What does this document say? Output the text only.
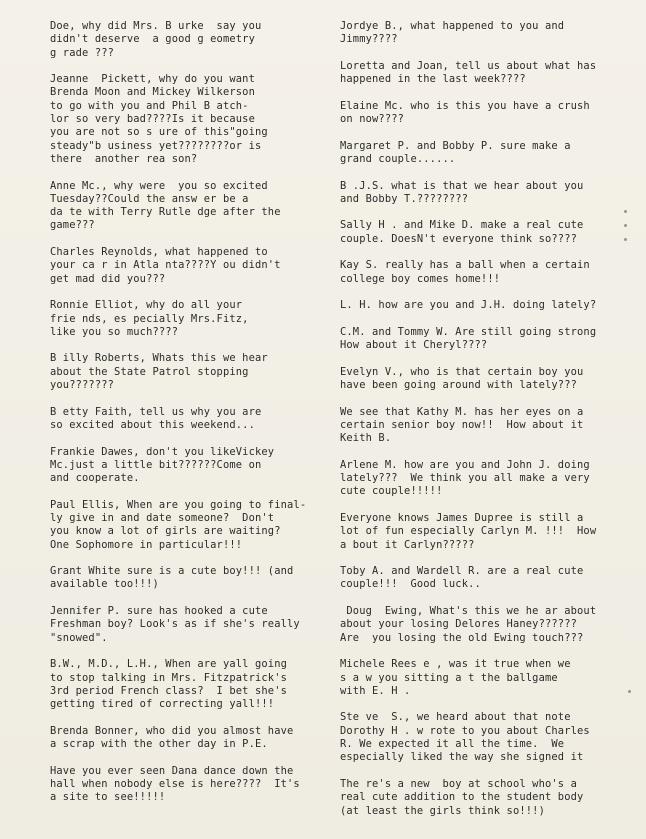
Doe, why did Mrs. B urke  say you
didn't deserve  a good g eometry
g rade ???

Jeanne  Pickett, why do you want
Brenda Moon and Mickey Wilkerson
to go with you and Phil B atch-
lor so very bad????Is it because
you are not so s ure of this"going
steady"b usiness yet????????or is
there  another rea son?

Anne Mc., why were  you so excited
Tuesday??Could the answ er be a
da te with Terry Rutle dge after the
game???

Charles Reynolds, what happened to
your ca r in Atla nta????Y ou didn't
get mad did you???

Ronnie Elliot, why do all your
frie nds, es pecially Mrs.Fitz,
like you so much????

B illy Roberts, Whats this we hear
about the State Patrol stopping
you???????

B etty Faith, tell us why you are
so excited about this weekend...

Frankie Dawes, don't you likeVickey
Mc.just a little bit??????Come on
and cooperate.

Paul Ellis, When are you going to final-
ly give in and date someone?  Don't
you know a lot of girls are waiting?
One Sophomore in particular!!!

Grant White sure is a cute boy!!! (and
available too!!!)

Jennifer P. sure has hooked a cute
Freshman boy? Look's as if she's really
"snowed".

B.W., M.D., L.H., When are yall going
to stop talking in Mrs. Fitzpatrick's
3rd period French class?  I bet she's
getting tired of correcting yall!!!

Brenda Bonner, who did you almost have
a scrap with the other day in P.E.

Have you ever seen Dana dance down the
hall when nobody else is here????  It's
a site to see!!!!!

Jordye B., what happened to you and
Jimmy????

Loretta and Joan, tell us about what has
happened in the last week????

Elaine Mc. who is this you have a crush
on now????

Margaret P. and Bobby P. sure make a
grand couple......

B .J.S. what is that we hear about you
and Bobby T.????????

Sally H . and Mike D. make a real cute
couple. DoesN't everyone think so????

Kay S. really has a ball when a certain
college boy comes home!!!

L. H. how are you and J.H. doing lately?

C.M. and Tommy W. Are still going strong
How about it Cheryl????

Evelyn V., who is that certain boy you
have been going around with lately???

We see that Kathy M. has her eyes on a
certain senior boy now!!  How about it
Keith B.

Arlene M. how are you and John J. doing
lately???  We think you all make a very
cute couple!!!!!

Everyone knows James Dupree is still a
lot of fun especially Carlyn M. !!!  How
a bout it Carlyn?????

Toby A. and Wardell R. are a real cute
couple!!!  Good luck..

Doug  Ewing, What's this we he ar about
about your losing Delores Haney??????
Are  you losing the old Ewing touch???

Michele Rees e , was it true when we
s a w you sitting a t the ballgame
with E. H .

Ste ve  S., we heard about that note
Dorothy H . w rote to you about Charles
R. We expected it all the time.  We
especially liked the way she signed it

The re's a new  boy at school who's a
real cute addition to the student body
(at least the girls think so!!!)
